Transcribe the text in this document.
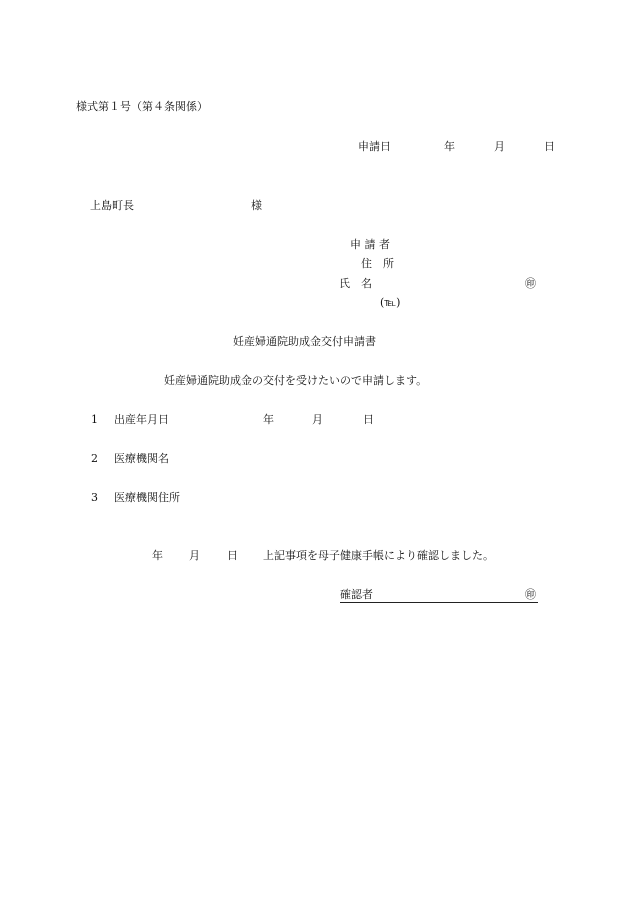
様式第１号（第４条関係）
申請日	年	月	日
上島町長	様
申 請 者
住　所
氏　名	㊞
(℡)
妊産婦通院助成金交付申請書
妊産婦通院助成金の交付を受けたいので申請します。
1 出産年月日	年	月	日
2 医療機関名
3 医療機関住所
年 月 日 上記事項を母子健康手帳により確認しました。
確認者	㊞
